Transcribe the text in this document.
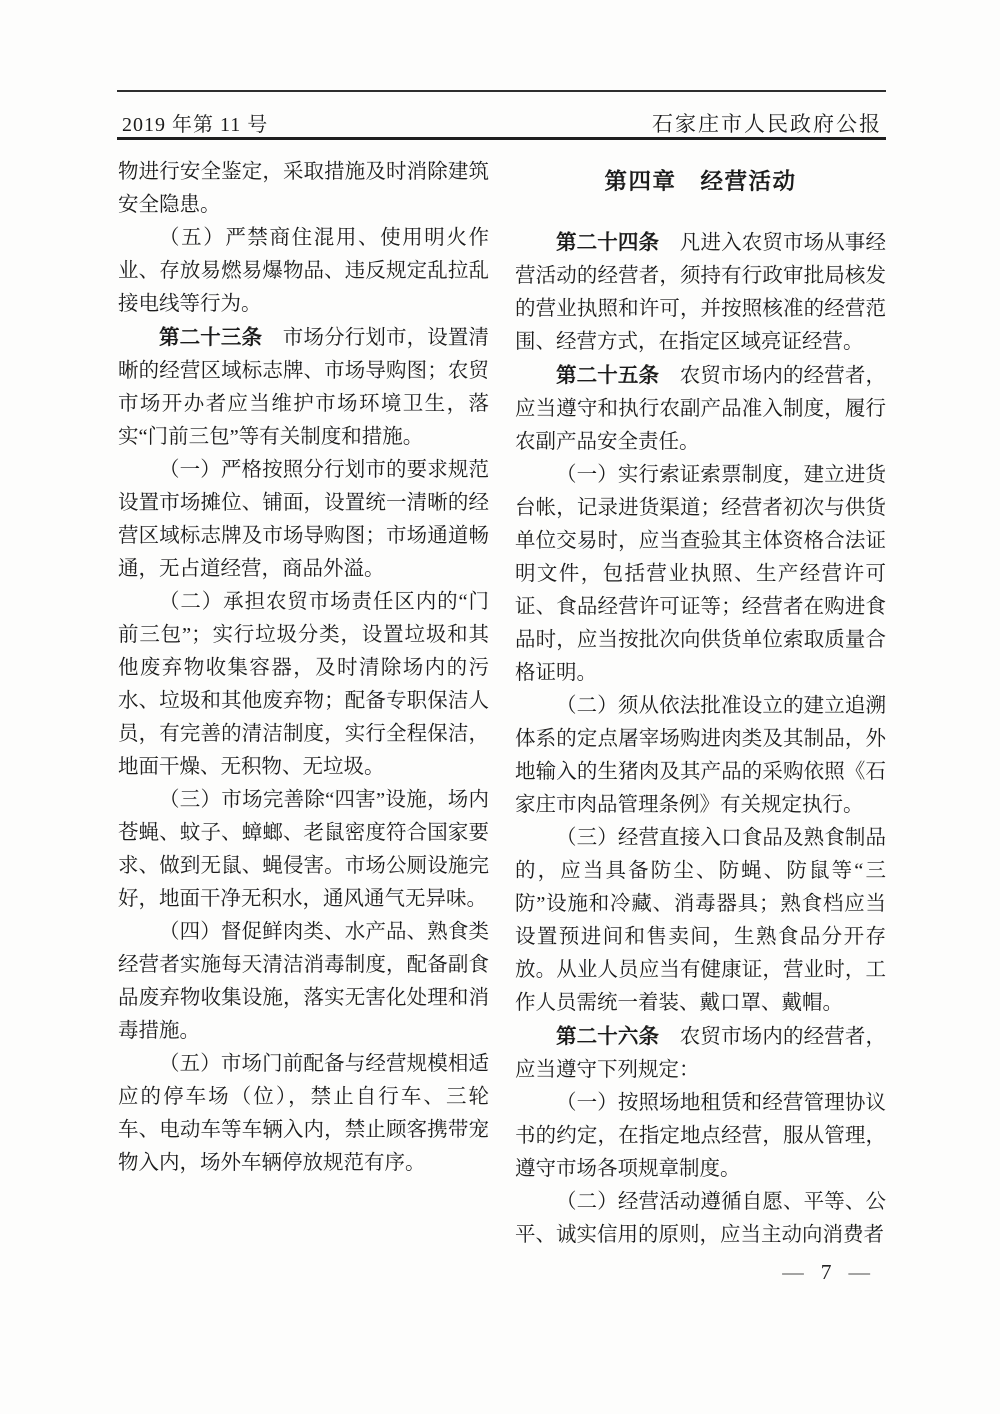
2019 年第 11 号	石家庄市人民政府公报

物进行安全鉴定，采取措施及时消除建筑安全隐患。

（五）严禁商住混用、使用明火作业、存放易燃易爆物品、违反规定乱拉乱接电线等行为。

第二十三条　市场分行划市，设置清晰的经营区域标志牌、市场导购图；农贸市场开办者应当维护市场环境卫生，落实“门前三包”等有关制度和措施。

（一）严格按照分行划市的要求规范设置市场摊位、铺面，设置统一清晰的经营区域标志牌及市场导购图；市场通道畅通，无占道经营，商品外溢。

（二）承担农贸市场责任区内的“门前三包”；实行垃圾分类，设置垃圾和其他废弃物收集容器，及时清除场内的污水、垃圾和其他废弃物；配备专职保洁人员，有完善的清洁制度，实行全程保洁，地面干燥、无积物、无垃圾。

（三）市场完善除“四害”设施，场内苍蝇、蚊子、蟑螂、老鼠密度符合国家要求、做到无鼠、蝇侵害。市场公厕设施完好，地面干净无积水，通风通气无异味。

（四）督促鲜肉类、水产品、熟食类经营者实施每天清洁消毒制度，配备副食品废弃物收集设施，落实无害化处理和消毒措施。

（五）市场门前配备与经营规模相适应的停车场（位），禁止自行车、三轮车、电动车等车辆入内，禁止顾客携带宠物入内，场外车辆停放规范有序。

第四章　经营活动

第二十四条　凡进入农贸市场从事经营活动的经营者，须持有行政审批局核发的营业执照和许可，并按照核准的经营范围、经营方式，在指定区域亮证经营。

第二十五条　农贸市场内的经营者，应当遵守和执行农副产品准入制度，履行农副产品安全责任。

（一）实行索证索票制度，建立进货台帐，记录进货渠道；经营者初次与供货单位交易时，应当查验其主体资格合法证明文件，包括营业执照、生产经营许可证、食品经营许可证等；经营者在购进食品时，应当按批次向供货单位索取质量合格证明。

（二）须从依法批准设立的建立追溯体系的定点屠宰场购进肉类及其制品，外地输入的生猪肉及其产品的采购依照《石家庄市肉品管理条例》有关规定执行。

（三）经营直接入口食品及熟食制品的，应当具备防尘、防蝇、防鼠等“三防”设施和冷藏、消毒器具；熟食档应当设置预进间和售卖间，生熟食品分开存放。从业人员应当有健康证，营业时，工作人员需统一着装、戴口罩、戴帽。

第二十六条　农贸市场内的经营者，应当遵守下列规定：

（一）按照场地租赁和经营管理协议书的约定，在指定地点经营，服从管理，遵守市场各项规章制度。

（二）经营活动遵循自愿、平等、公平、诚实信用的原则，应当主动向消费者

— 7 —
